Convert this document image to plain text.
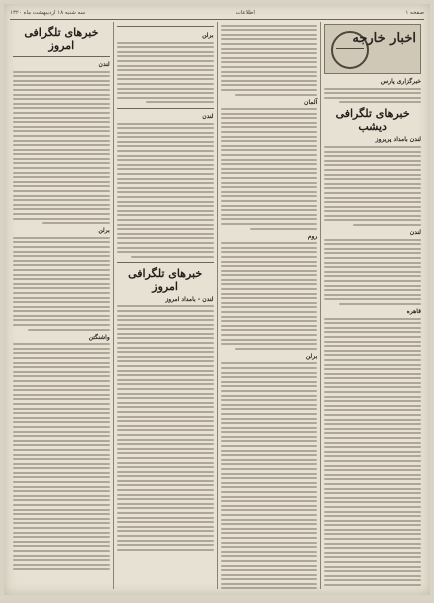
صفحه ۱
اطلاعات
سه شنبه ۱۸ اردیبهشت ماه ۱۳۲۰
اخبار خارجه
خبرگزاری پارس
خبرهای تلگرافی دیشب
لندن بامداد پریروز
لندن
قاهره
آلمان
روم
برلن
برلن
لندن
خبرهای تلگرافی امروز
لندن - بامداد امروز
خبرهای تلگرافی امروز
لندن
برلن
واشنگتن
